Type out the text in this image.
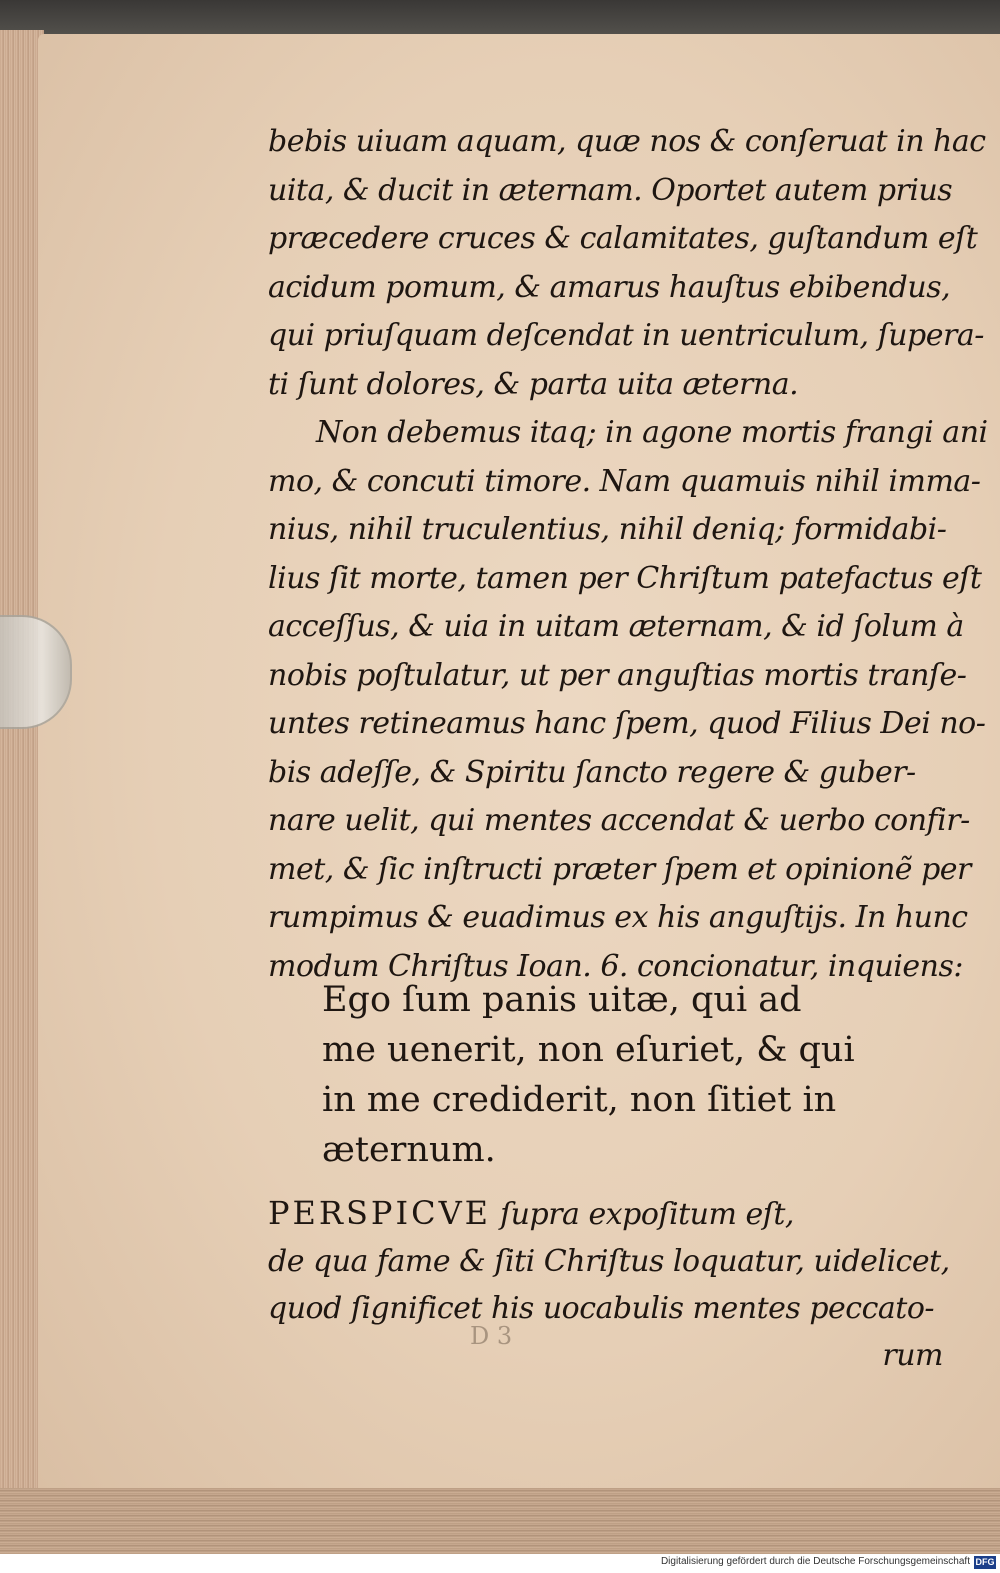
bebis uiuam aquam, quæ nos & conſeruat in hac
uita, & ducit in æternam. Oportet autem prius
præcedere cruces & calamitates, guſtandum eſt
acidum pomum, & amarus hauſtus ebibendus,
qui priuſquam deſcendat in uentriculum, ſupera-
ti ſunt dolores, & parta uita æterna.
Non debemus itaq; in agone mortis frangi ani
mo, & concuti timore. Nam quamuis nihil imma-
nius, nihil truculentius, nihil deniq; formidabi-
lius ſit morte, tamen per Chriſtum patefactus eſt
acceſſus, & uia in uitam æternam, & id ſolum à
nobis poſtulatur, ut per anguſtias mortis tranſe-
untes retineamus hanc ſpem, quod Filius Dei no-
bis adeſſe, & Spiritu ſancto regere & guber-
nare uelit, qui mentes accendat & uerbo confir-
met, & ſic inſtructi præter ſpem et opinionẽ per
rumpimus & euadimus ex his anguſtijs. In hunc
modum Chriſtus Ioan. 6. concionatur, inquiens:
Ego ſum panis uitæ, qui ad
me uenerit, non eſuriet, & qui
in me crediderit, non ſitiet in
æternum.
PERSPICVE ſupra expoſitum eſt,
de qua fame & ſiti Chriſtus loquatur, uidelicet,
quod ſignificet his uocabulis mentes peccato-
rum
D 3
Digitalisierung gefördert durch die Deutsche Forschungsgemeinschaft DFG
